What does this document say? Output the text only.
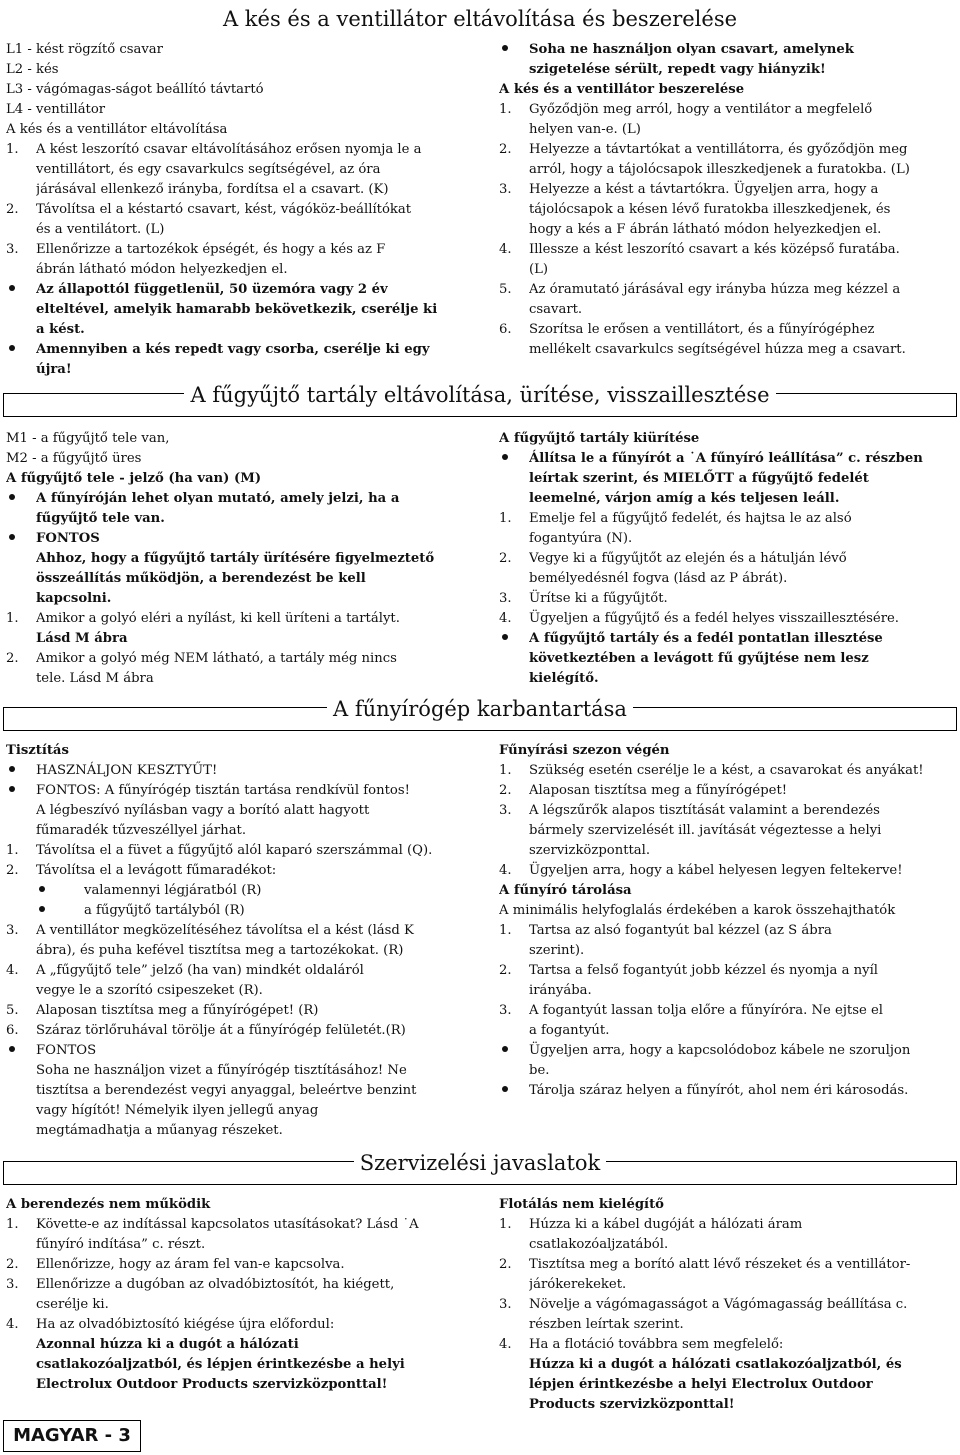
A kés és a ventillátor eltávolítása és beszerelése
L1 - kést rögzítő csavar
L2 - kés
L3 - vágómagas-ságot beállító távtartó
L4 - ventillátor
A kés és a ventillátor eltávolítása
1. A kést leszorító csavar eltávolításához erősen nyomja le a
ventillátort, és egy csavarkulcs segítségével, az óra
járásával ellenkező irányba, fordítsa el a csavart. (K)
2. Távolítsa el a késtartó csavart, kést, vágóköz-beállítókat
és a ventilátort. (L)
3. Ellenőrizze a tartozékok épségét, és hogy a kés az F
ábrán látható módon helyezkedjen el.
Az állapottól függetlenül, 50 üzemóra vagy 2 év
elteltével, amelyik hamarabb bekövetkezik, cserélje ki
a kést.
Amennyiben a kés repedt vagy csorba, cserélje ki egy
újra!
Soha ne használjon olyan csavart, amelynek
szigetelése sérült, repedt vagy hiányzik!
A kés és a ventillátor beszerelése
1. Győződjön meg arról, hogy a ventilátor a megfelelő
helyen van-e. (L)
2. Helyezze a távtartókat a ventillátorra, és győződjön meg
arról, hogy a tájolócsapok illeszkedjenek a furatokba. (L)
3. Helyezze a kést a távtartókra. Ügyeljen arra, hogy a
tájolócsapok a késen lévő furatokba illeszkedjenek, és
hogy a kés a F ábrán látható módon helyezkedjen el.
4. Illessze a kést leszorító csavart a kés középső furatába.
(L)
5. Az óramutató járásával egy irányba húzza meg kézzel a
csavart.
6. Szorítsa le erősen a ventillátort, és a fűnyírógéphez
mellékelt csavarkulcs segítségével húzza meg a csavart.
A fűgyűjtő tartály eltávolítása, ürítése, visszaillesztése
M1 - a fűgyűjtő tele van,
M2 - a fűgyűjtő üres
A fűgyűjtő tele - jelző (ha van) (M)
A fűnyíróján lehet olyan mutató, amely jelzi, ha a
fűgyűjtő tele van.
FONTOS
Ahhoz, hogy a fűgyűjtő tartály ürítésére figyelmeztető
összeállítás működjön, a berendezést be kell
kapcsolni.
1. Amikor a golyó eléri a nyílást, ki kell üríteni a tartályt.
Lásd M ábra
2. Amikor a golyó még NEM látható, a tartály még nincs
tele. Lásd M ábra
A fűgyűjtő tartály kiürítése
Állítsa le a fűnyírót a ˙A fűnyíró leállítása” c. részben
leírtak szerint, és MIELŐTT a fűgyűjtő fedelét
leemelné, várjon amíg a kés teljesen leáll.
1. Emelje fel a fűgyűjtő fedelét, és hajtsa le az alsó
fogantyúra (N).
2. Vegye ki a fűgyűjtőt az elején és a hátulján lévő
bemélyedésnél fogva (lásd az P ábrát).
3. Ürítse ki a fűgyűjtőt.
4. Ügyeljen a fűgyűjtő és a fedél helyes visszaillesztésére.
A fűgyűjtő tartály és a fedél pontatlan illesztése
következtében a levágott fű gyűjtése nem lesz
kielégítő.
A fűnyírógép karbantartása
Tisztítás
HASZNÁLJON KESZTYŰT!
FONTOS: A fűnyírógép tisztán tartása rendkívül fontos!
A légbeszívó nyílásban vagy a borító alatt hagyott
fűmaradék tűzveszéllyel járhat.
1. Távolítsa el a füvet a fűgyűjtő alól kaparó szerszámmal (Q).
2. Távolítsa el a levágott fűmaradékot:
valamennyi légjáratból (R)
a fűgyűjtő tartályból (R)
3. A ventillátor megközelítéséhez távolítsa el a kést (lásd K
ábra), és puha kefével tisztítsa meg a tartozékokat. (R)
4. A „fűgyűjtő tele” jelző (ha van) mindkét oldaláról
vegye le a szorító csipeszeket (R).
5. Alaposan tisztítsa meg a fűnyírógépet! (R)
6. Száraz törlőruhával törölje át a fűnyírógép felületét.(R)
FONTOS
Soha ne használjon vizet a fűnyírógép tisztításához! Ne
tisztítsa a berendezést vegyi anyaggal, beleértve benzint
vagy hígítót! Némelyik ilyen jellegű anyag
megtámadhatja a műanyag részeket.
Fűnyírási szezon végén
1. Szükség esetén cserélje le a kést, a csavarokat és anyákat!
2. Alaposan tisztítsa meg a fűnyírógépet!
3. A légszűrők alapos tisztítását valamint a berendezés
bármely szervizelését ill. javítását végeztesse a helyi
szervizközponttal.
4. Ügyeljen arra, hogy a kábel helyesen legyen feltekerve!
A fűnyíró tárolása
A minimális helyfoglalás érdekében a karok összehajthatók
1. Tartsa az alsó fogantyút bal kézzel (az S ábra
szerint).
2. Tartsa a felső fogantyút jobb kézzel és nyomja a nyíl
irányába.
3. A fogantyút lassan tolja előre a fűnyíróra. Ne ejtse el
a fogantyút.
Ügyeljen arra, hogy a kapcsolódoboz kábele ne szoruljon
be.
Tárolja száraz helyen a fűnyírót, ahol nem éri károsodás.
Szervizelési javaslatok
A berendezés nem működik
1. Követte-e az indítással kapcsolatos utasításokat? Lásd ˙A
fűnyíró indítása” c. részt.
2. Ellenőrizze, hogy az áram fel van-e kapcsolva.
3. Ellenőrizze a dugóban az olvadóbiztosítót, ha kiégett,
cserélje ki.
4. Ha az olvadóbiztosító kiégése újra előfordul:
Azonnal húzza ki a dugót a hálózati
csatlakozóaljzatból, és lépjen érintkezésbe a helyi
Electrolux Outdoor Products szervizközponttal!
Flotálás nem kielégítő
1. Húzza ki a kábel dugóját a hálózati áram
csatlakozóaljzatából.
2. Tisztítsa meg a borító alatt lévő részeket és a ventillátor-
járókerekeket.
3. Növelje a vágómagasságot a Vágómagasság beállítása c.
részben leírtak szerint.
4. Ha a flotáció továbbra sem megfelelő:
Húzza ki a dugót a hálózati csatlakozóaljzatból, és
lépjen érintkezésbe a helyi Electrolux Outdoor
Products szervizközponttal!
MAGYAR - 3
